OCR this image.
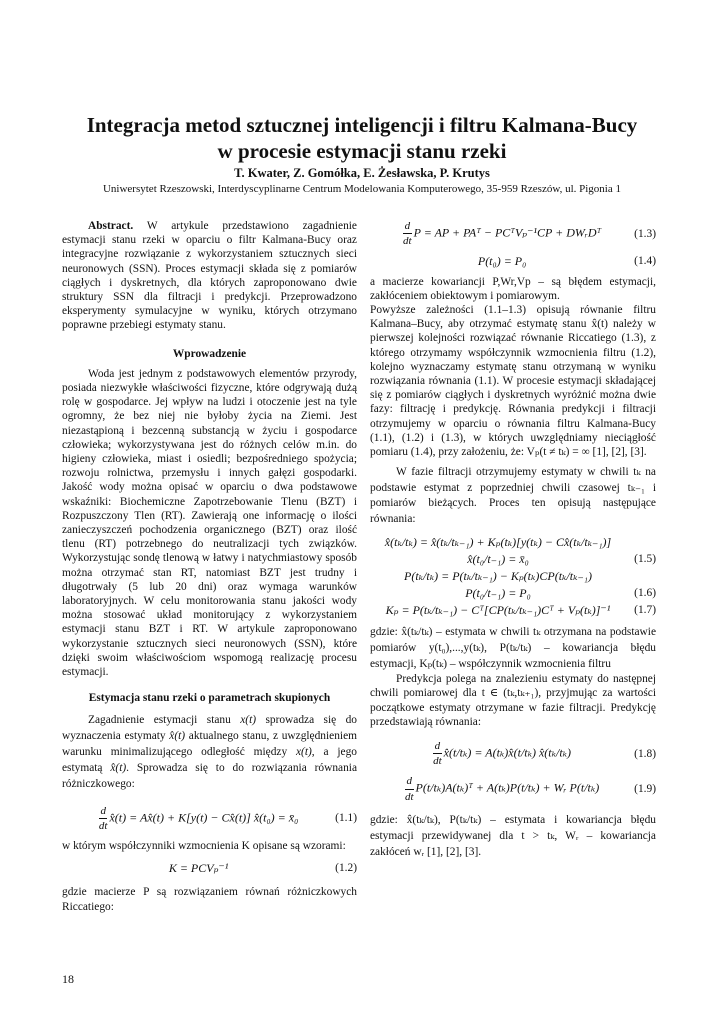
Integracja metod sztucznej inteligencji i filtru Kalmana-Bucy
w procesie estymacji stanu rzeki
T. Kwater, Z. Gomółka, E. Żesławska, P. Krutys
Uniwersytet Rzeszowski, Interdyscyplinarne Centrum Modelowania Komputerowego, 35-959 Rzeszów, ul. Pigonia 1

Abstract. W artykule przedstawiono zagadnienie estymacji stanu rzeki w oparciu o filtr Kalmana-Bucy oraz integracyjne rozwiązanie z wykorzystaniem sztucznych sieci neuronowych (SSN). Proces estymacji składa się z pomiarów ciągłych i dyskretnych, dla których zaproponowano dwie struktury SSN dla filtracji i predykcji. Przeprowadzono eksperymenty symulacyjne w wyniku, których otrzymano poprawne przebiegi estymaty stanu.

Wprowadzenie

Woda jest jednym z podstawowych elementów przyrody, posiada niezwykłe właściwości fizyczne, które odgrywają dużą rolę w gospodarce. Jej wpływ na ludzi i otoczenie jest na tyle ogromny, że bez niej nie byłoby życia na Ziemi. Jest niezastąpioną i bezcenną substancją w życiu i gospodarce człowieka; wykorzystywana jest do różnych celów m.in. do higieny człowieka, miast i osiedli; bezpośredniego spożycia; rozwoju rolnictwa, przemysłu i innych gałęzi gospodarki. Jakość wody można opisać w oparciu o dwa podstawowe wskaźniki: Biochemiczne Zapotrzebowanie Tlenu (BZT) i Rozpuszczony Tlen (RT). Zawierają one informację o ilości zanieczyszczeń pochodzenia organicznego (BZT) oraz ilość tlenu (RT) potrzebnego do neutralizacji tych związków. Wykorzystując sondę tlenową w łatwy i natychmiastowy sposób można otrzymać stan RT, natomiast BZT jest trudny i długotrwały (5 lub 20 dni) oraz wymaga warunków laboratoryjnych. W celu monitorowania stanu jakości wody można stosować układ monitorujący z wykorzystaniem estymacji stanu BZT i RT. W artykule zaproponowano wykorzystanie sztucznych sieci neuronowych (SSN), które dzięki swoim właściwościom wspomogą realizację procesu estymacji.

Estymacja stanu rzeki o parametrach skupionych

Zagadnienie estymacji stanu x(t) sprowadza się do wyznaczenia estymaty x̂(t) aktualnego stanu, z uwzględnieniem warunku minimalizującego odległość między x(t), a jego estymatą x̂(t). Sprowadza się to do rozwiązania równania różniczkowego:

$\frac{d}{dt}$ x̂(t) = Ax̂(t) + K[y(t) − Cx̂(t)] x̂(t₀) = x̄₀	(1.1)

w którym współczynniki wzmocnienia K opisane są wzorami:

K = PCVₚ⁻¹	(1.2)

gdzie macierze P są rozwiązaniem równań różniczkowych Riccatiego:

$\frac{d}{dt}$ P = AP + PAᵀ − PCᵀVₚ⁻¹CP + DWᵣDᵀ	(1.3)
P(t₀) = P₀	(1.4)

a macierze kowariancji P,Wr,Vp – są błędem estymacji, zakłóceniem obiektowym i pomiarowym.

Powyższe zależności (1.1–1.3) opisują równanie filtru Kalmana–Bucy, aby otrzymać estymatę stanu x̂(t) należy w pierwszej kolejności rozwiązać równanie Riccatiego (1.3), z którego otrzymamy współczynnik wzmocnienia filtru (1.2), kolejno wyznaczamy estymatę stanu otrzymaną w wyniku rozwiązania równania (1.1). W procesie estymacji składającej się z pomiarów ciągłych i dyskretnych wyróżnić można dwie fazy: filtrację i predykcję. Równania predykcji i filtracji otrzymujemy w oparciu o równania filtru Kalmana-Bucy (1.1), (1.2) i (1.3), w których uwzględniamy nieciągłość pomiaru (1.4), przy założeniu, że: Vₚ(t ≠ tₖ) = ∞ [1], [2], [3].

W fazie filtracji otrzymujemy estymaty w chwili tₖ na podstawie estymat z poprzedniej chwili czasowej tₖ₋₁ i pomiarów bieżących. Proces ten opisują następujące równania:

x̂(tₖ/tₖ) = x̂(tₖ/tₖ₋₁) + Kₚ(tₖ)[y(tₖ) − Cx̂(tₖ/tₖ₋₁)]
x̂(t₀/t₋₁) = x̄₀	(1.5)
P(tₖ/tₖ) = P(tₖ/tₖ₋₁) − Kₚ(tₖ)CP(tₖ/tₖ₋₁)
P(t₀/t₋₁) = P₀	(1.6)
Kₚ = P(tₖ/tₖ₋₁) − Cᵀ[CP(tₖ/tₖ₋₁)Cᵀ + Vₚ(tₖ)]⁻¹	(1.7)

gdzie: x̂(tₖ/tₖ) – estymata w chwili tₖ otrzymana na podstawie pomiarów y(t₀),...,y(tₖ), P(tₖ/tₖ) – kowariancja błędu estymacji, Kₚ(tₖ) – współczynnik wzmocnienia filtru

Predykcja polega na znalezieniu estymaty do następnej chwili pomiarowej dla t ∈ (tₖ,tₖ₊₁), przyjmując za wartości początkowe estymaty otrzymane w fazie filtracji. Predykcję przedstawiają równania:

$\frac{d}{dt}$ x̂(t/tₖ) = A(tₖ)x̂(t/tₖ) x̂(tₖ/tₖ)	(1.8)
$\frac{d}{dt}$ P(t/tₖ)A(tₖ)ᵀ + A(tₖ)P(t/tₖ) + Wᵣ P(t/tₖ)	(1.9)

gdzie: x̂(tₖ/tₖ), P(tₖ/tₖ) – estymata i kowariancja błędu estymacji przewidywanej dla t > tₖ, Wᵣ – kowariancja zakłóceń wᵣ [1], [2], [3].

18
